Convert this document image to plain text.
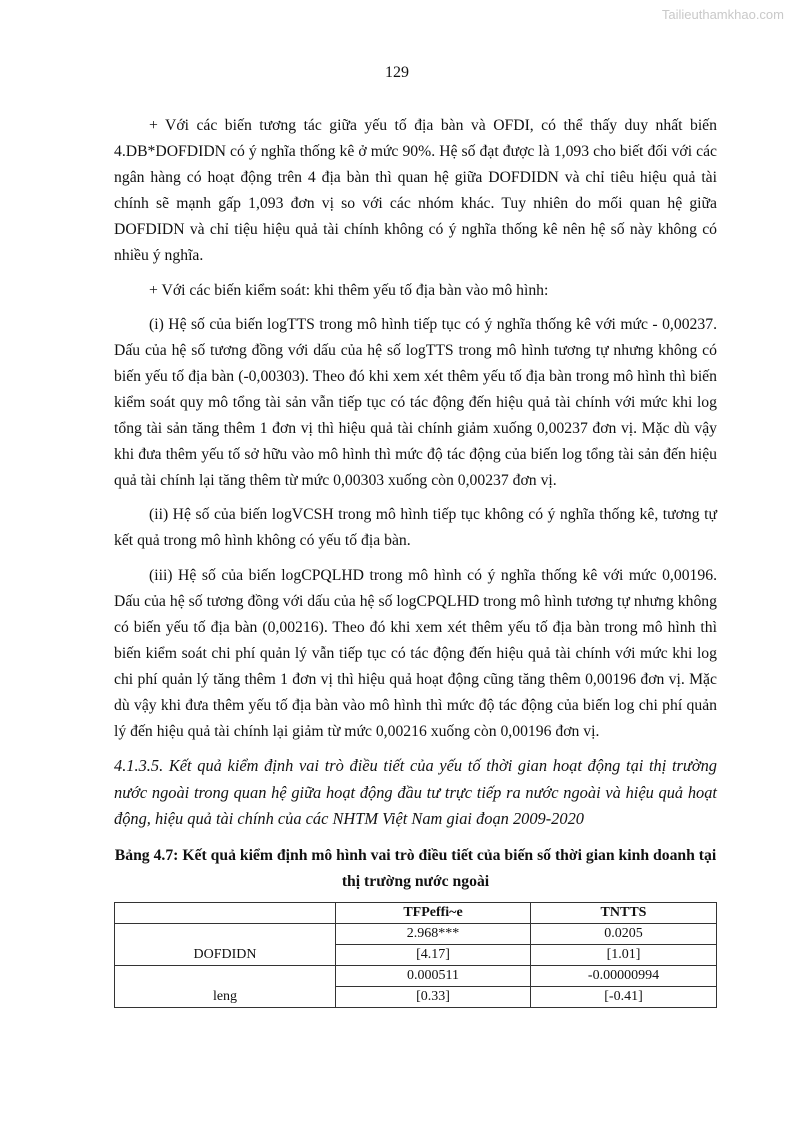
Tailieuthamkhao.com
129

+ Với các biến tương tác giữa yếu tố địa bàn và OFDI, có thể thấy duy nhất biến 4.DB*DOFDIDN có ý nghĩa thống kê ở mức 90%. Hệ số đạt được là 1,093 cho biết đối với các ngân hàng có hoạt động trên 4 địa bàn thì quan hệ giữa DOFDIDN và chỉ tiêu hiệu quả tài chính sẽ mạnh gấp 1,093 đơn vị so với các nhóm khác. Tuy nhiên do mối quan hệ giữa DOFDIDN và chỉ tiệu hiệu quả tài chính không có ý nghĩa thống kê nên hệ số này không có nhiều ý nghĩa.

+ Với các biến kiểm soát: khi thêm yếu tố địa bàn vào mô hình:

(i) Hệ số của biến logTTS trong mô hình tiếp tục có ý nghĩa thống kê với mức - 0,00237. Dấu của hệ số tương đồng với dấu của hệ số logTTS trong mô hình tương tự nhưng không có biến yếu tố địa bàn (-0,00303). Theo đó khi xem xét thêm yếu tố địa bàn trong mô hình thì biến kiểm soát quy mô tổng tài sản vẫn tiếp tục có tác động đến hiệu quả tài chính với mức khi log tổng tài sản tăng thêm 1 đơn vị thì hiệu quả tài chính giảm xuống 0,00237 đơn vị. Mặc dù vậy khi đưa thêm yếu tố sở hữu vào mô hình thì mức độ tác động của biến log tổng tài sản đến hiệu quả tài chính lại tăng thêm từ mức 0,00303 xuống còn 0,00237 đơn vị.

(ii) Hệ số của biến logVCSH trong mô hình tiếp tục không có ý nghĩa thống kê, tương tự kết quả trong mô hình không có yếu tố địa bàn.

(iii) Hệ số của biến logCPQLHD trong mô hình có ý nghĩa thống kê với mức 0,00196. Dấu của hệ số tương đồng với dấu của hệ số logCPQLHD trong mô hình tương tự nhưng không có biến yếu tố địa bàn (0,00216). Theo đó khi xem xét thêm yếu tố địa bàn trong mô hình thì biến kiểm soát chi phí quản lý vẫn tiếp tục có tác động đến hiệu quả tài chính với mức khi log chi phí quản lý tăng thêm 1 đơn vị thì hiệu quả hoạt động cũng tăng thêm 0,00196 đơn vị. Mặc dù vậy khi đưa thêm yếu tố địa bàn vào mô hình thì mức độ tác động của biến log chi phí quản lý đến hiệu quả tài chính lại giảm từ mức 0,00216 xuống còn 0,00196 đơn vị.

4.1.3.5. Kết quả kiểm định vai trò điều tiết của yếu tố thời gian hoạt động tại thị trường nước ngoài trong quan hệ giữa hoạt động đầu tư trực tiếp ra nước ngoài và hiệu quả hoạt động, hiệu quả tài chính của các NHTM Việt Nam giai đoạn 2009-2020

Bảng 4.7: Kết quả kiểm định mô hình vai trò điều tiết của biến số thời gian kinh doanh tại thị trường nước ngoài

	TFPeffi~e	TNTTS
DOFDIDN	2.968***	0.0205
	[4.17]	[1.01]
leng	0.000511	-0.00000994
	[0.33]	[-0.41]
